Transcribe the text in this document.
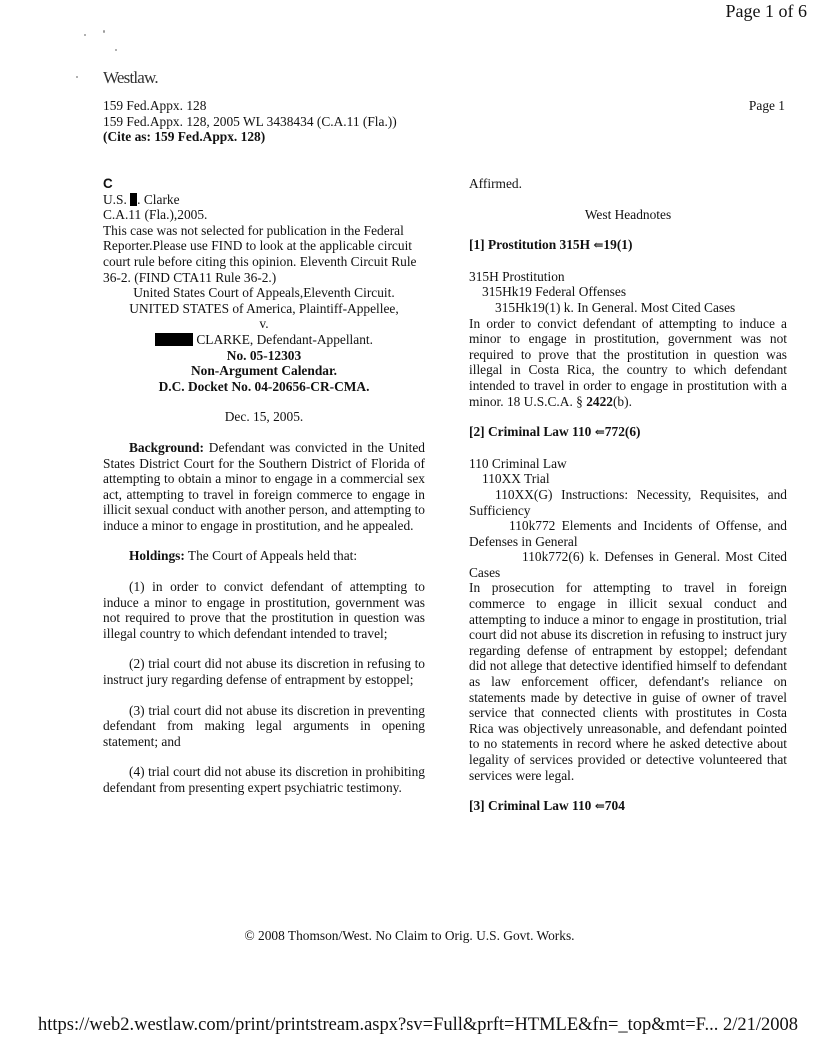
Page 1 of 6
Westlaw.
159 Fed.Appx. 128
159 Fed.Appx. 128, 2005 WL 3438434 (C.A.11 (Fla.))
(Cite as: 159 Fed.Appx. 128)
Page 1
C
U.S. . Clarke
C.A.11 (Fla.),2005.

This case was not selected for publication in the Federal Reporter.Please use FIND to look at the applicable circuit court rule before citing this opinion. Eleventh Circuit Rule 36-2. (FIND CTA11 Rule 36-2.)

United States Court of Appeals,Eleventh Circuit.
UNITED STATES of America, Plaintiff-Appellee,
v.
CLARKE, Defendant-Appellant.
No. 05-12303
Non-Argument Calendar.
D.C. Docket No. 04-20656-CR-CMA.
Dec. 15, 2005.

Background: Defendant was convicted in the United States District Court for the Southern District of Florida of attempting to obtain a minor to engage in a commercial sex act, attempting to travel in foreign commerce to engage in illicit sexual conduct with another person, and attempting to induce a minor to engage in prostitution, and he appealed.

Holdings: The Court of Appeals held that:

(1) in order to convict defendant of attempting to induce a minor to engage in prostitution, government was not required to prove that the prostitution in question was illegal country to which defendant intended to travel;

(2) trial court did not abuse its discretion in refusing to instruct jury regarding defense of entrapment by estoppel;

(3) trial court did not abuse its discretion in preventing defendant from making legal arguments in opening statement; and

(4) trial court did not abuse its discretion in prohibiting defendant from presenting expert psychiatric testimony.

Affirmed.
West Headnotes
[1] Prostitution 315H ⇐19(1)
315H Prostitution
315Hk19 Federal Offenses
315Hk19(1) k. In General. Most Cited Cases

In order to convict defendant of attempting to induce a minor to engage in prostitution, government was not required to prove that the prostitution in question was illegal in Costa Rica, the country to which defendant intended to travel in order to engage in prostitution with a minor. 18 U.S.C.A. § 2422(b).

[2] Criminal Law 110 ⇐772(6)
110 Criminal Law
110XX Trial
110XX(G) Instructions: Necessity, Requisites, and Sufficiency
110k772 Elements and Incidents of Offense, and Defenses in General
110k772(6) k. Defenses in General. Most Cited Cases

In prosecution for attempting to travel in foreign commerce to engage in illicit sexual conduct and attempting to induce a minor to engage in prostitution, trial court did not abuse its discretion in refusing to instruct jury regarding defense of entrapment by estoppel; defendant did not allege that detective identified himself to defendant as law enforcement officer, defendant's reliance on statements made by detective in guise of owner of travel service that connected clients with prostitutes in Costa Rica was objectively unreasonable, and defendant pointed to no statements in record where he asked detective about legality of services provided or detective volunteered that services were legal.

[3] Criminal Law 110 ⇐704
© 2008 Thomson/West. No Claim to Orig. U.S. Govt. Works.
https://web2.westlaw.com/print/printstream.aspx?sv=Full&prft=HTMLE&fn=_top&mt=F... 2/21/2008
